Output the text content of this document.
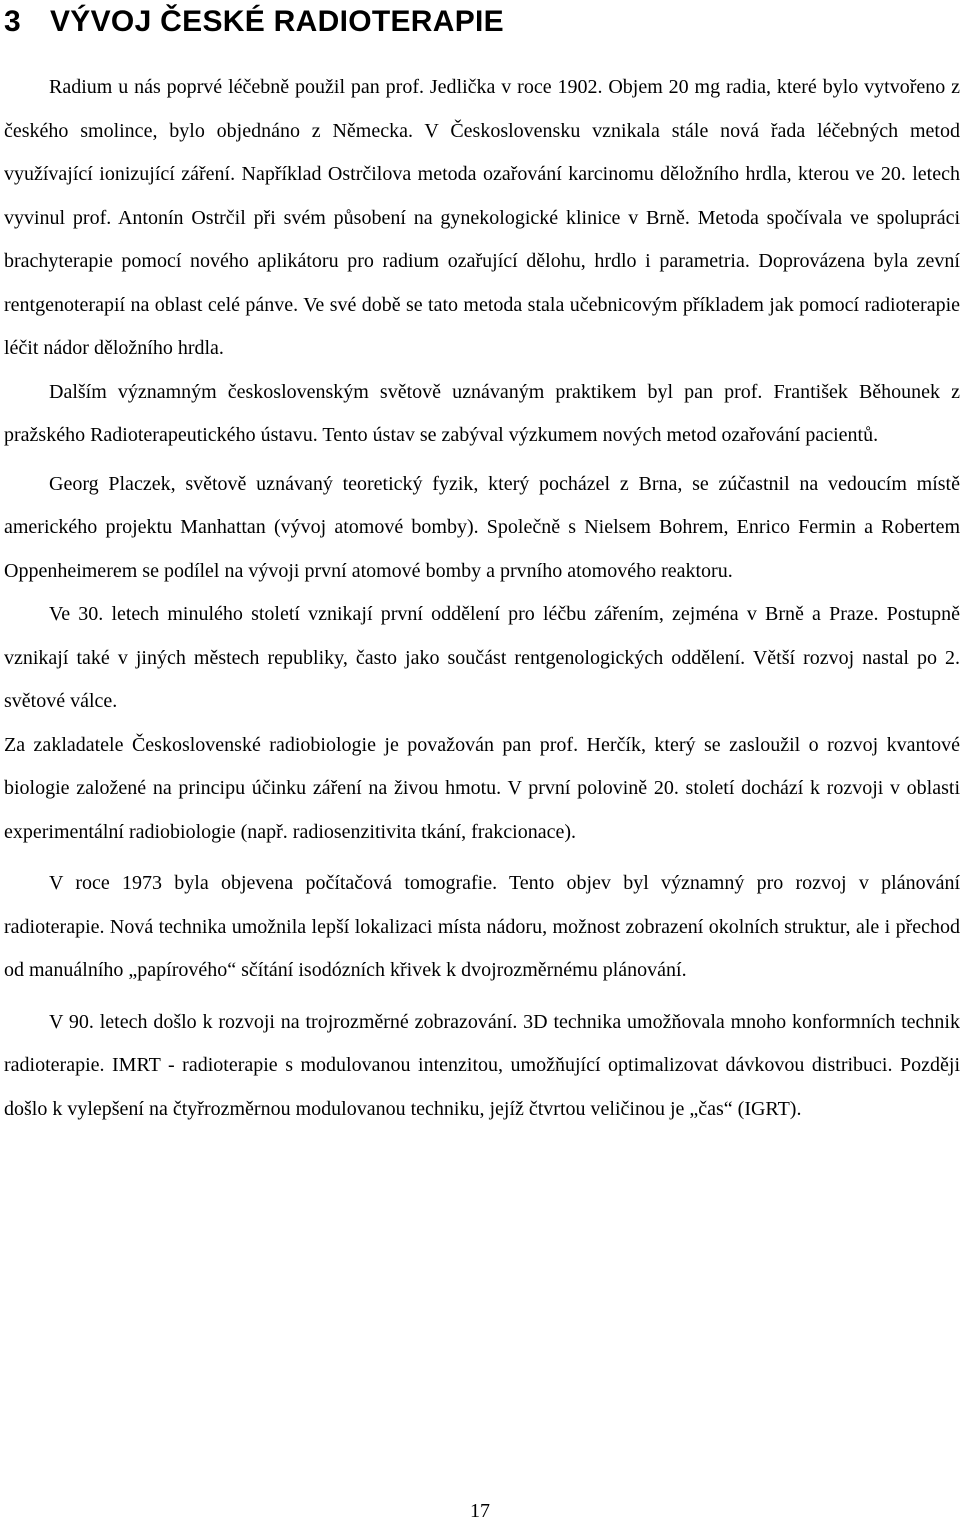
3 VÝVOJ ČESKÉ RADIOTERAPIE

Radium u nás poprvé léčebně použil pan prof. Jedlička v roce 1902. Objem 20 mg radia, které bylo vytvořeno z českého smolince, bylo objednáno z Německa. V Československu vznikala stále nová řada léčebných metod využívající ionizující záření. Například Ostrčilova metoda ozařování karcinomu děložního hrdla, kterou ve 20. letech vyvinul prof. Antonín Ostrčil při svém působení na gynekologické klinice v Brně. Metoda spočívala ve spolupráci brachyterapie pomocí nového aplikátoru pro radium ozařující dělohu, hrdlo i parametria. Doprovázena byla zevní rentgenoterapií na oblast celé pánve. Ve své době se tato metoda stala učebnicovým příkladem jak pomocí radioterapie léčit nádor děložního hrdla.

Dalším významným československým světově uznávaným praktikem byl pan prof. František Běhounek z pražského Radioterapeutického ústavu. Tento ústav se zabýval výzkumem nových metod ozařování pacientů.

Georg Placzek, světově uznávaný teoretický fyzik, který pocházel z Brna, se zúčastnil na vedoucím místě amerického projektu Manhattan (vývoj atomové bomby). Společně s Nielsem Bohrem, Enrico Fermin a Robertem Oppenheimerem se podílel na vývoji první atomové bomby a prvního atomového reaktoru.

Ve 30. letech minulého století vznikají první oddělení pro léčbu zářením, zejména v Brně a Praze. Postupně vznikají také v jiných městech republiky, často jako součást rentgenologických oddělení. Větší rozvoj nastal po 2. světové válce.

Za zakladatele Československé radiobiologie je považován pan prof. Herčík, který se zasloužil o rozvoj kvantové biologie založené na principu účinku záření na živou hmotu. V první polovině 20. století dochází k rozvoji v oblasti experimentální radiobiologie (např. radiosenzitivita tkání, frakcionace).

V roce 1973 byla objevena počítačová tomografie. Tento objev byl významný pro rozvoj v plánování radioterapie. Nová technika umožnila lepší lokalizaci místa nádoru, možnost zobrazení okolních struktur, ale i přechod od manuálního „papírového“ sčítání isodózních křivek k dvojrozměrnému plánování.

V 90. letech došlo k rozvoji na trojrozměrné zobrazování. 3D technika umožňovala mnoho konformních technik radioterapie. IMRT - radioterapie s modulovanou intenzitou, umožňující optimalizovat dávkovou distribuci. Později došlo k vylepšení na čtyřrozměrnou modulovanou techniku, jejíž čtvrtou veličinou je „čas“ (IGRT).

17
